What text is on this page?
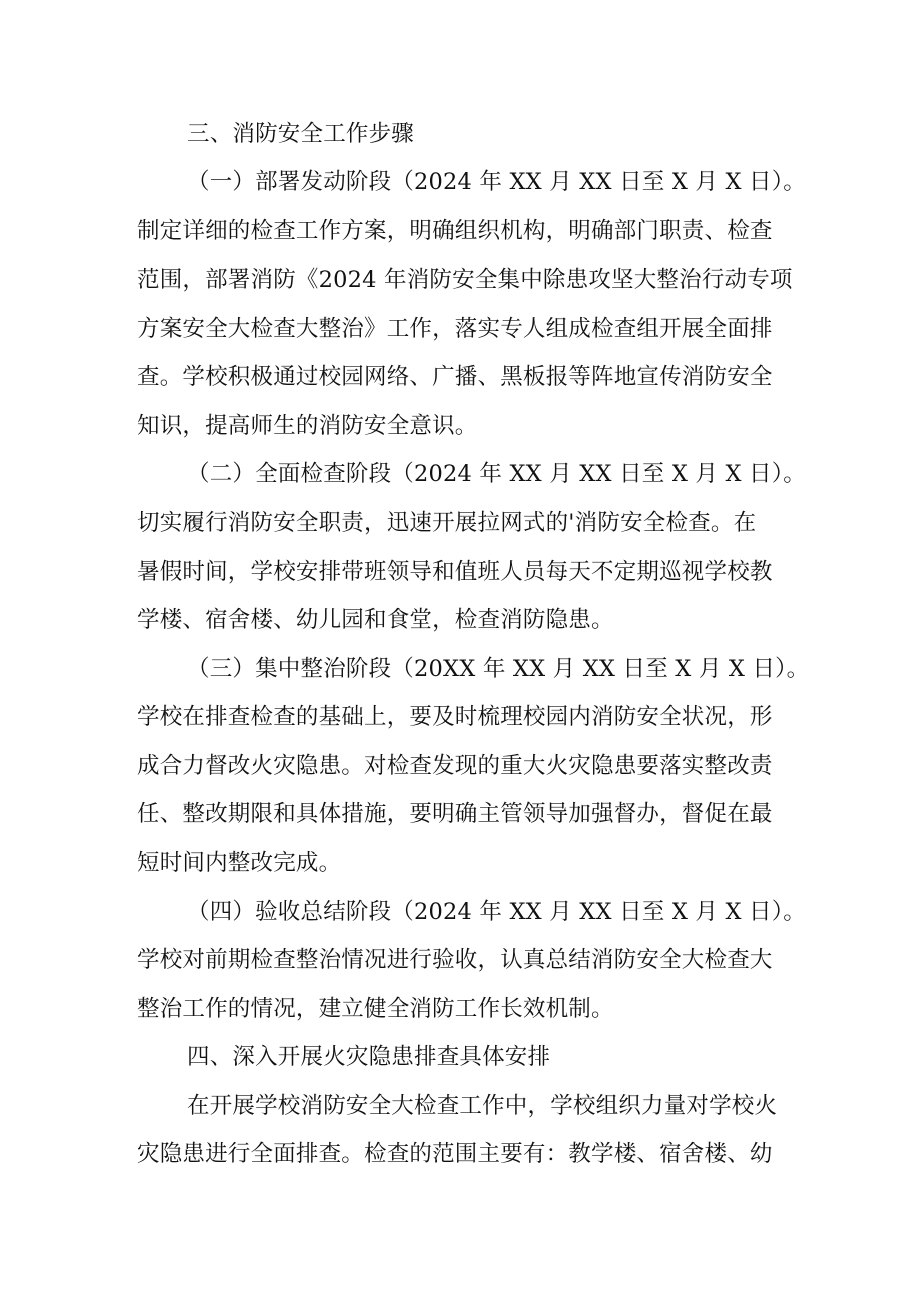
三、消防安全工作步骤
（一）部署发动阶段（2024 年 XX 月 XX 日至 X 月 X 日）。
制定详细的检查工作方案，明确组织机构，明确部门职责、检查
范围，部署消防《2024 年消防安全集中除患攻坚大整治行动专项
方案安全大检查大整治》工作，落实专人组成检查组开展全面排
查。学校积极通过校园网络、广播、黑板报等阵地宣传消防安全
知识，提高师生的消防安全意识。
（二）全面检查阶段（2024 年 XX 月 XX 日至 X 月 X 日）。
切实履行消防安全职责，迅速开展拉网式的'消防安全检查。在
暑假时间，学校安排带班领导和值班人员每天不定期巡视学校教
学楼、宿舍楼、幼儿园和食堂，检查消防隐患。
（三）集中整治阶段（20XX 年 XX 月 XX 日至 X 月 X 日）。
学校在排查检查的基础上，要及时梳理校园内消防安全状况，形
成合力督改火灾隐患。对检查发现的重大火灾隐患要落实整改责
任、整改期限和具体措施，要明确主管领导加强督办，督促在最
短时间内整改完成。
（四）验收总结阶段（2024 年 XX 月 XX 日至 X 月 X 日）。
学校对前期检查整治情况进行验收，认真总结消防安全大检查大
整治工作的情况，建立健全消防工作长效机制。
四、深入开展火灾隐患排查具体安排
在开展学校消防安全大检查工作中，学校组织力量对学校火
灾隐患进行全面排查。检查的范围主要有：教学楼、宿舍楼、幼
